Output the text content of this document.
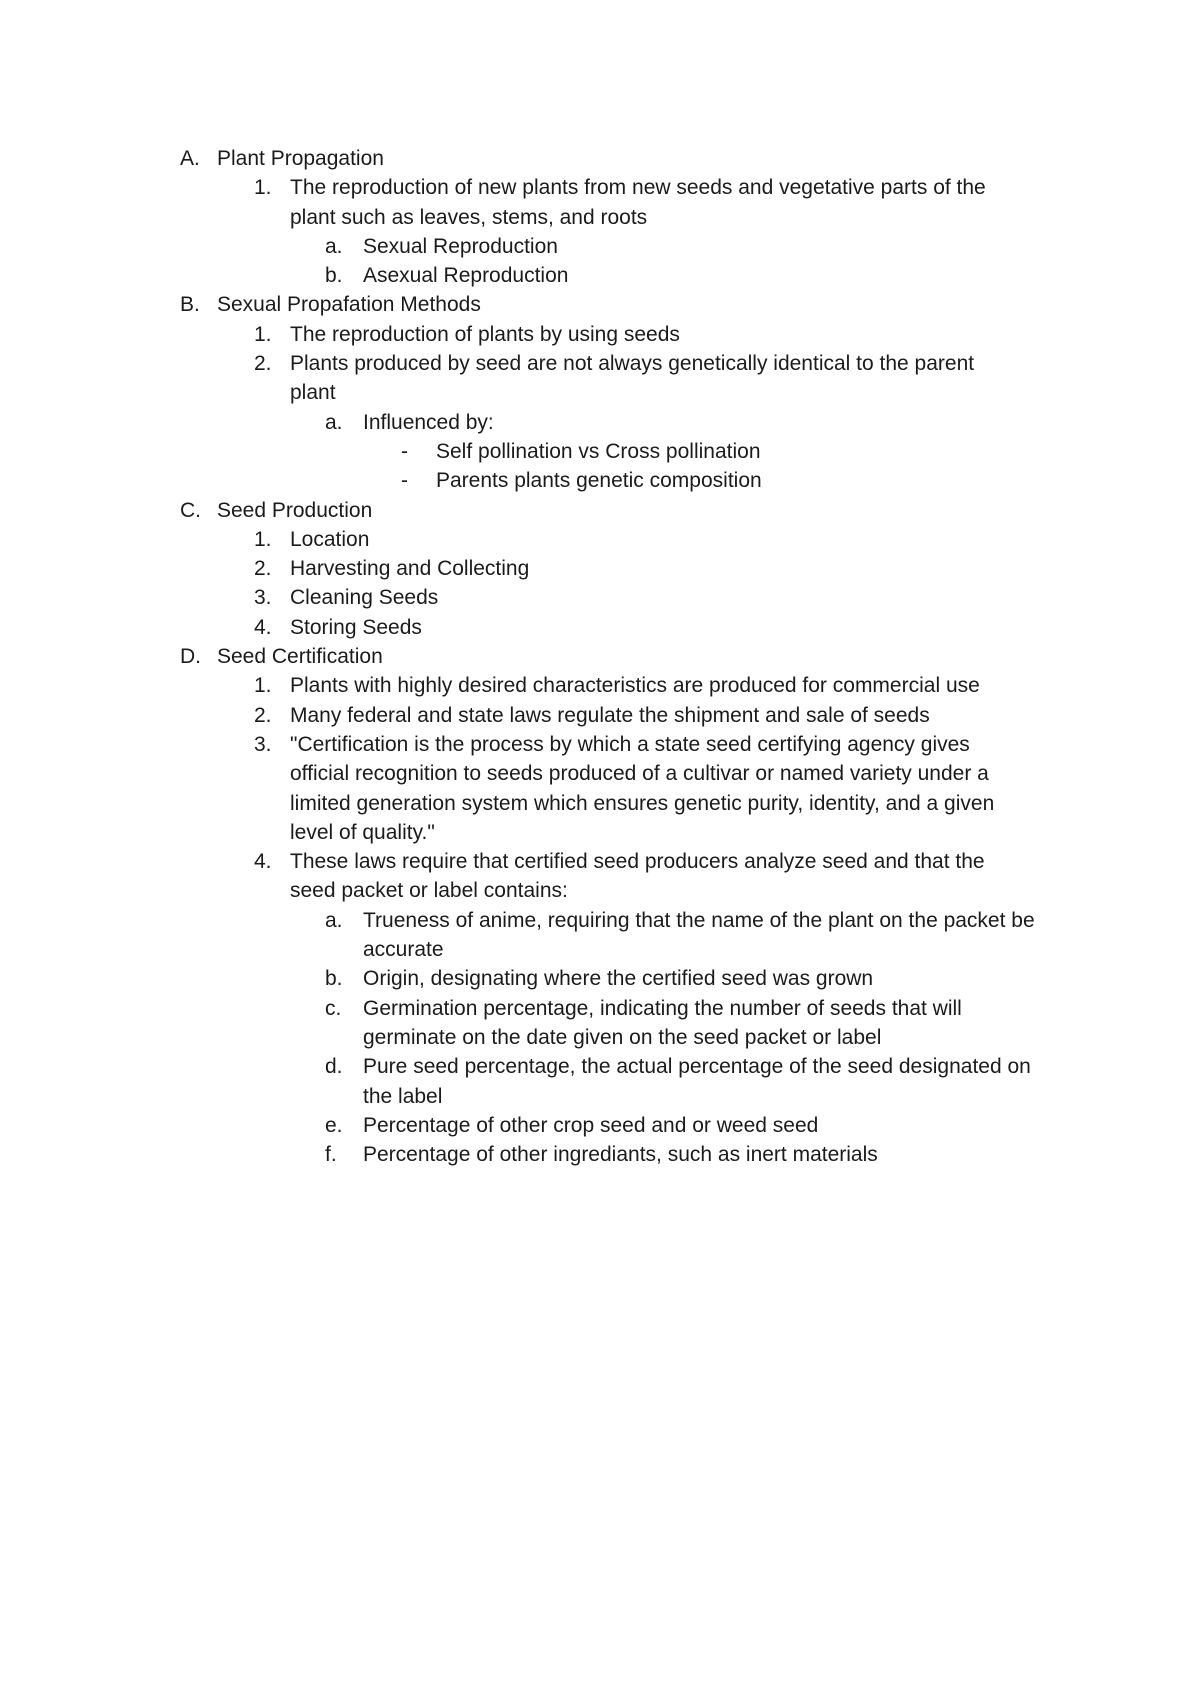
A. Plant Propagation
1. The reproduction of new plants from new seeds and vegetative parts of the plant such as leaves, stems, and roots
a. Sexual Reproduction
b. Asexual Reproduction
B. Sexual Propafation Methods
1. The reproduction of plants by using seeds
2. Plants produced by seed are not always genetically identical to the parent plant
a. Influenced by:
- Self pollination vs Cross pollination
- Parents plants genetic composition
C. Seed Production
1. Location
2. Harvesting and Collecting
3. Cleaning Seeds
4. Storing Seeds
D. Seed Certification
1. Plants with highly desired characteristics are produced for commercial use
2. Many federal and state laws regulate the shipment and sale of seeds
3. "Certification is the process by which a state seed certifying agency gives official recognition to seeds produced of a cultivar or named variety under a limited generation system which ensures genetic purity, identity, and a given level of quality."
4. These laws require that certified seed producers analyze seed and that the seed packet or label contains:
a. Trueness of anime, requiring that the name of the plant on the packet be accurate
b. Origin, designating where the certified seed was grown
c. Germination percentage, indicating the number of seeds that will germinate on the date given on the seed packet or label
d. Pure seed percentage, the actual percentage of the seed designated on the label
e. Percentage of other crop seed and or weed seed
f. Percentage of other ingrediants, such as inert materials
